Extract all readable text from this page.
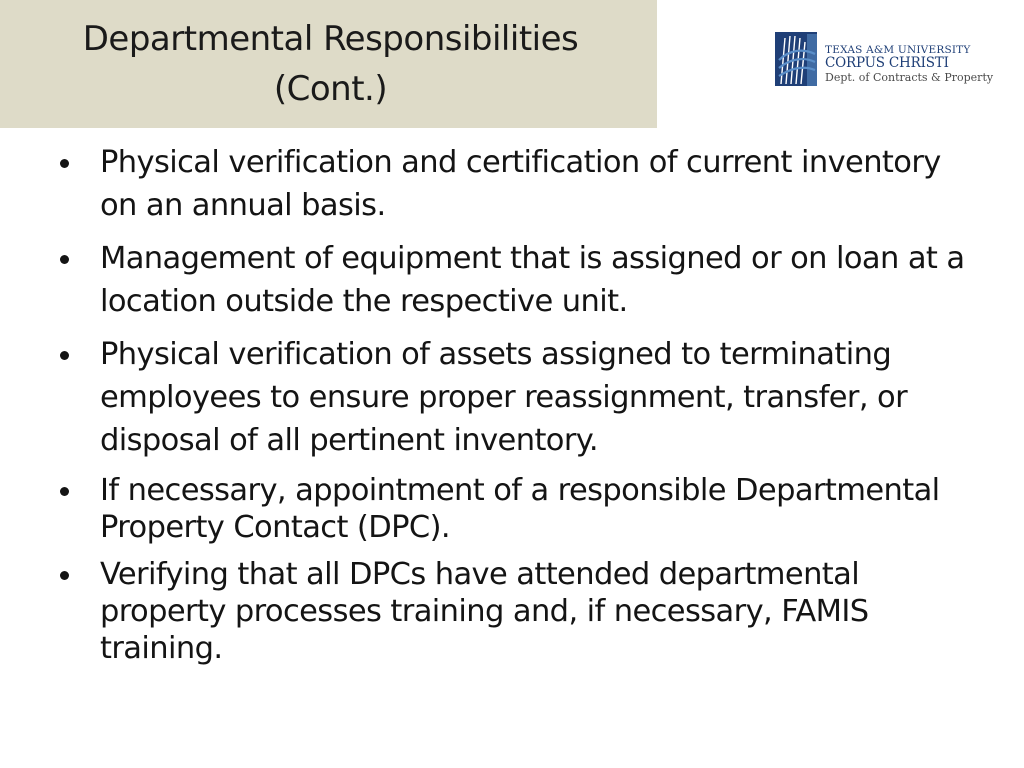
Departmental Responsibilities
(Cont.)
TEXAS A&M UNIVERSITY
CORPUS CHRISTI
Dept. of Contracts & Property
Physical verification and certification of current inventory on an annual basis.
Management of equipment that is assigned or on loan at a location outside the respective unit.
Physical verification of assets assigned to terminating employees to ensure proper reassignment, transfer, or disposal of all pertinent inventory.
If necessary, appointment of a responsible Departmental Property Contact (DPC).
Verifying that all DPCs have attended departmental property processes training and, if necessary, FAMIS training.
